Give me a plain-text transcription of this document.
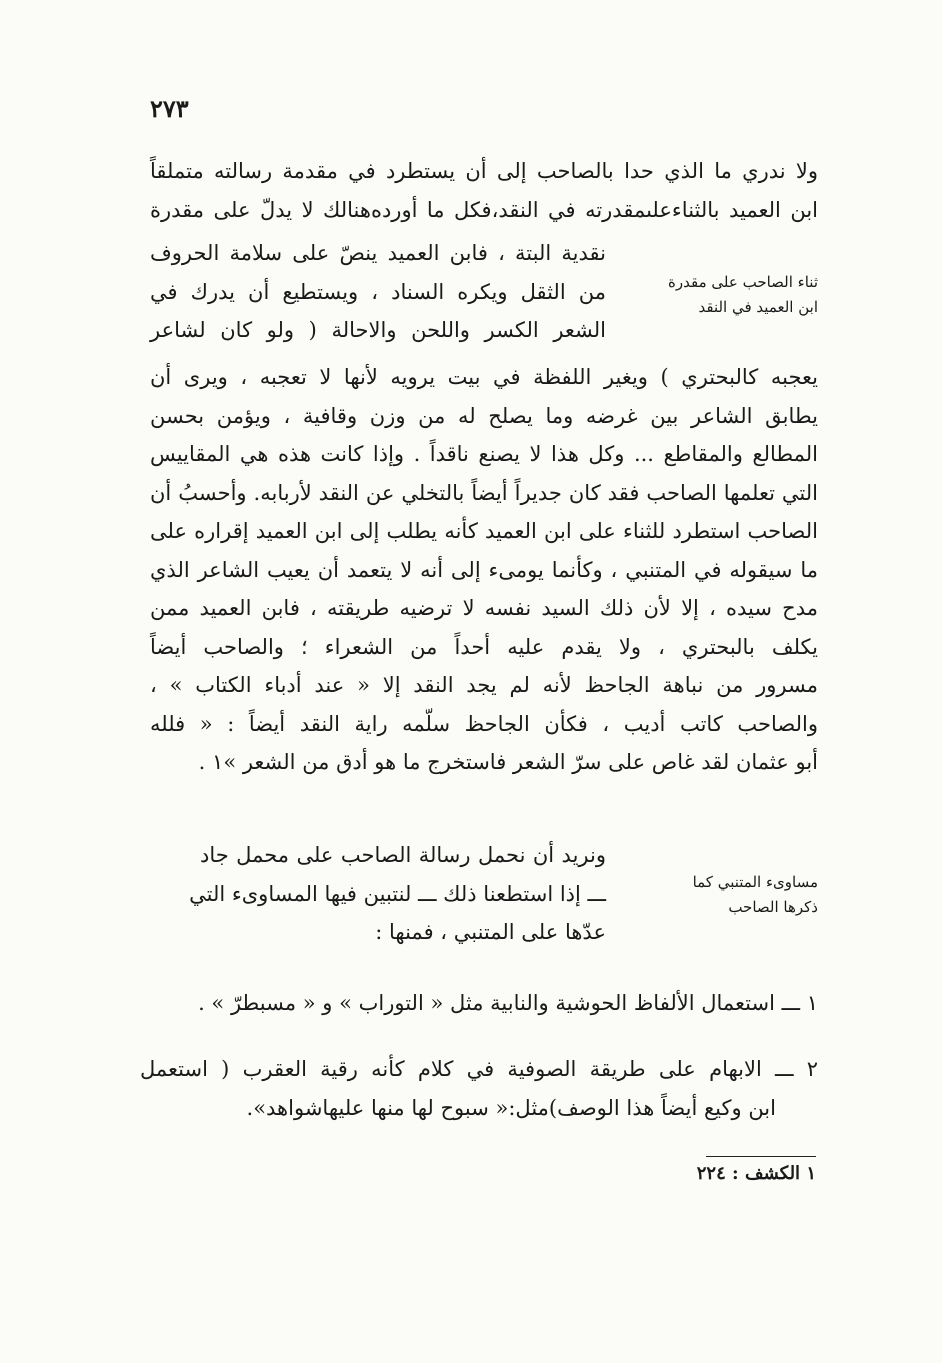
٢٧٣
ولا ندري ما الذي حدا بالصاحب إلى أن يستطرد في مقدمة رسالته متملقاً
ابن العميد بالثناءعلىمقدرته في النقد،فكل ما أورده‌هنالك لا يدلّ على مقدرة
نقدية البتة ، فابن العميد ينصّ على سلامة الحروف
من الثقل ويكره السناد ، ويستطيع أن يدرك في
الشعر الكسر واللحن والاحالة ( ولو كان لشاعر
ثناء الصاحب على مقدرة
ابن العميد في النقد
يعجبه كالبحتري ) ويغير اللفظة في بيت يرويه لأنها لا تعجبه ، ويرى أن
يطابق الشاعر بين غرضه وما يصلح له من وزن وقافية ، ويؤمن بحسن
المطالع والمقاطع ... وكل هذا لا يصنع ناقداً . وإذا كانت هذه هي المقاييس
التي تعلمها الصاحب فقد كان جديراً أيضاً بالتخلي عن النقد لأربابه. وأحسبُ أن
الصاحب استطرد للثناء على ابن العميد كأنه يطلب إلى ابن العميد إقراره على
ما سيقوله في المتنبي ، وكأنما يومىء إلى أنه لا يتعمد أن يعيب الشاعر الذي
مدح سيده ، إلا لأن ذلك السيد نفسه لا ترضيه طريقته ، فابن العميد ممن
يكلف بالبحتري ، ولا يقدم عليه أحداً من الشعراء ؛ والصاحب أيضاً
مسرور من نباهة الجاحظ لأنه لم يجد النقد إلا « عند أدباء الكتاب » ،
والصاحب كاتب أديب ، فكأن الجاحظ سلّمه راية النقد أيضاً : « فلله
أبو عثمان لقد غاص على سرّ الشعر فاستخرج ما هو أدق من الشعر »١ .
ونريد أن نحمل رسالة الصاحب على محمل جاد
ـــ إذا استطعنا ذلك ـــ لنتبين فيها المساوىء التي
عدّها على المتنبي ، فمنها :
مساوىء المتنبي كما
ذكرها الصاحب
١ ـــ استعمال الألفاظ الحوشية والنابية مثل « التوراب » و « مسبطرّ » .
٢ ـــ الابهام على طريقة الصوفية في كلام كأنه رقية العقرب ( استعمل
ابن وكيع أيضاً هذا الوصف)مثل:« سبوح لها منها عليهاشواهد».
١ الكشف : ٢٢٤
